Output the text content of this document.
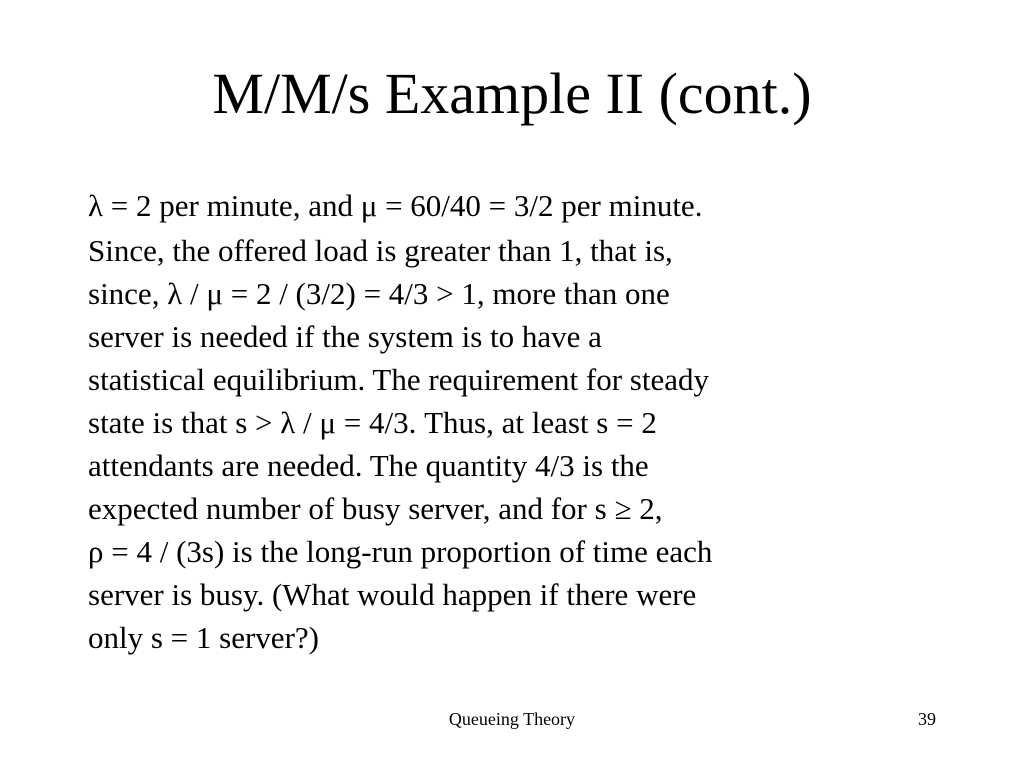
M/M/s Example II (cont.)

λ = 2 per minute, and μ = 60/40 = 3/2 per minute.

Since, the offered load is greater than 1, that is,
since, λ / μ = 2 / (3/2) = 4/3 > 1, more than one
server is needed if the system is to have a
statistical equilibrium. The requirement for steady
state is that s > λ / μ = 4/3. Thus, at least s = 2
attendants are needed. The quantity 4/3 is the
expected number of busy server, and for s ≥ 2,
ρ = 4 / (3s) is the long-run proportion of time each
server is busy. (What would happen if there were
only s = 1 server?)

Queueing Theory	39
